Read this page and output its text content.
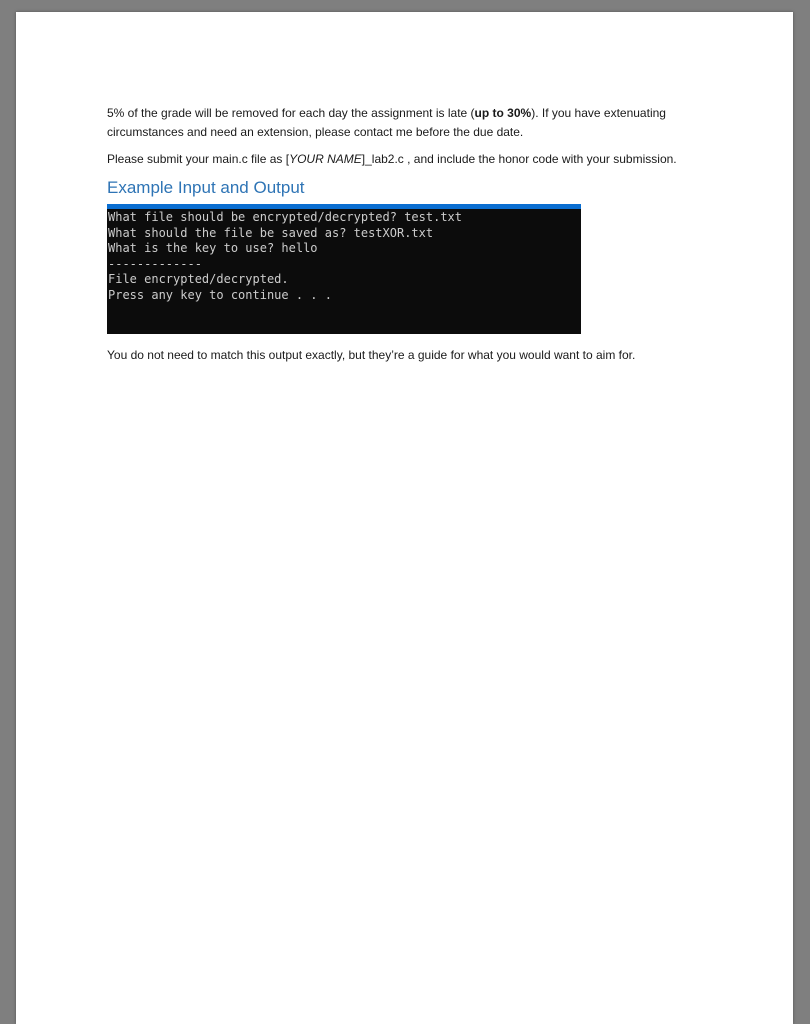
5% of the grade will be removed for each day the assignment is late (up to 30%). If you have extenuating circumstances and need an extension, please contact me before the due date.

Please submit your main.c file as [YOUR NAME]_lab2.c , and include the honor code with your submission.

Example Input and Output
What file should be encrypted/decrypted? test.txt
What should the file be saved as? testXOR.txt
What is the key to use? hello
-------------
File encrypted/decrypted.
Press any key to continue . . .

You do not need to match this output exactly, but they’re a guide for what you would want to aim for.
